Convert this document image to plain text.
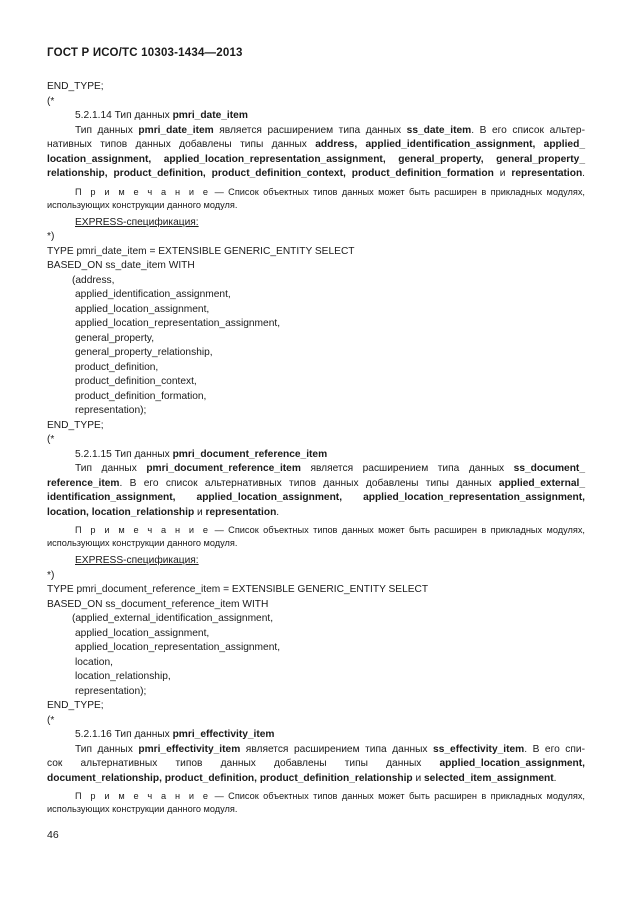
ГОСТ Р ИСО/ТС 10303-1434—2013
END_TYPE;
(*
5.2.1.14 Тип данных pmri_date_item
Тип данных pmri_date_item является расширением типа данных ss_date_item. В его список альтер-
нативных типов данных добавлены типы данных address, applied_identification_assignment, applied_
location_assignment, applied_location_representation_assignment, general_property, general_property_
relationship, product_definition, product_definition_context, product_definition_formation и representation.
П р и м е ч а н и е — Список объектных типов данных может быть расширен в прикладных модулях,
использующих конструкции данного модуля.
EXPRESS-спецификация:
*)
TYPE pmri_date_item = EXTENSIBLE GENERIC_ENTITY SELECT
BASED_ON ss_date_item WITH
(address,
applied_identification_assignment,
applied_location_assignment,
applied_location_representation_assignment,
general_property,
general_property_relationship,
product_definition,
product_definition_context,
product_definition_formation,
representation);
END_TYPE;
(*
5.2.1.15 Тип данных pmri_document_reference_item
Тип данных pmri_document_reference_item является расширением типа данных ss_document_
reference_item. В его список альтернативных типов данных добавлены типы данных applied_external_
identification_assignment, applied_location_assignment, applied_location_representation_assignment,
location, location_relationship и representation.
П р и м е ч а н и е — Список объектных типов данных может быть расширен в прикладных модулях,
использующих конструкции данного модуля.
EXPRESS-спецификация:
*)
TYPE pmri_document_reference_item = EXTENSIBLE GENERIC_ENTITY SELECT
BASED_ON ss_document_reference_item WITH
(applied_external_identification_assignment,
applied_location_assignment,
applied_location_representation_assignment,
location,
location_relationship,
representation);
END_TYPE;
(*
5.2.1.16 Тип данных pmri_effectivity_item
Тип данных pmri_effectivity_item является расширением типа данных ss_effectivity_item. В его спи-
сок альтернативных типов данных добавлены типы данных applied_location_assignment,
document_relationship, product_definition, product_definition_relationship и selected_item_assignment.
П р и м е ч а н и е — Список объектных типов данных может быть расширен в прикладных модулях,
использующих конструкции данного модуля.
46
